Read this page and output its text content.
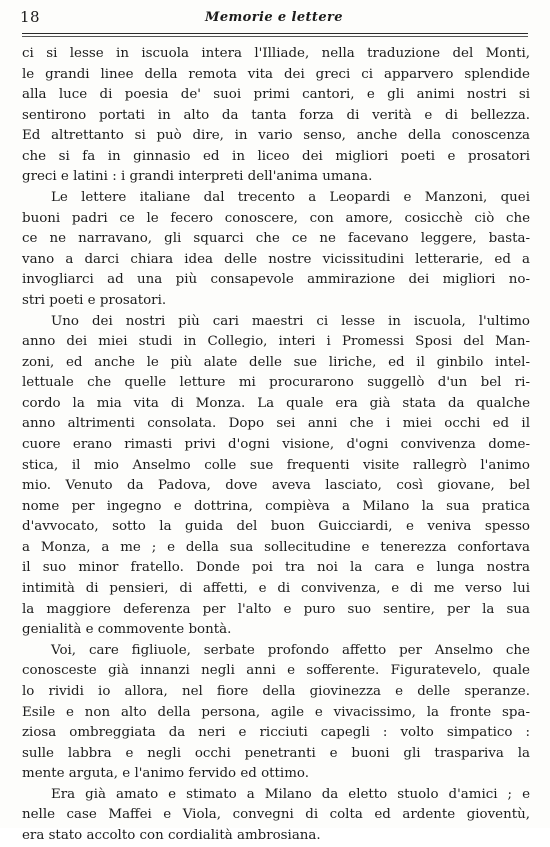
18	Memorie e lettere
ci si lesse in iscuola intera l'Illiade, nella traduzione del Monti,
le grandi linee della remota vita dei greci ci apparvero splendide
alla luce di poesia de' suoi primi cantori, e gli animi nostri si
sentirono portati in alto da tanta forza di verità e di bellezza.
Ed altrettanto si può dire, in vario senso, anche della conoscenza
che si fa in ginnasio ed in liceo dei migliori poeti e prosatori
greci e latini : i grandi interpreti dell'anima umana.
Le lettere italiane dal trecento a Leopardi e Manzoni, quei
buoni padri ce le fecero conoscere, con amore, cosicchè ciò che
ce ne narravano, gli squarci che ce ne facevano leggere, basta-
vano a darci chiara idea delle nostre vicissitudini letterarie, ed a
invogliarci ad una più consapevole ammirazione dei migliori no-
stri poeti e prosatori.
Uno dei nostri più cari maestri ci lesse in iscuola, l'ultimo
anno dei miei studi in Collegio, interi i Promessi Sposi del Man-
zoni, ed anche le più alate delle sue liriche, ed il ginbilo intel-
lettuale che quelle letture mi procurarono suggellò d'un bel ri-
cordo la mia vita di Monza. La quale era già stata da qualche
anno altrimenti consolata. Dopo sei anni che i miei occhi ed il
cuore erano rimasti privi d'ogni visione, d'ogni convivenza dome-
stica, il mio Anselmo colle sue frequenti visite rallegrò l'animo
mio. Venuto da Padova, dove aveva lasciato, così giovane, bel
nome per ingegno e dottrina, compièva a Milano la sua pratica
d'avvocato, sotto la guida del buon Guicciardi, e veniva spesso
a Monza, a me ; e della sua sollecitudine e tenerezza confortava
il suo minor fratello. Donde poi tra noi la cara e lunga nostra
intimità di pensieri, di affetti, e di convivenza, e di me verso lui
la maggiore deferenza per l'alto e puro suo sentire, per la sua
genialità e commovente bontà.
Voi, care figliuole, serbate profondo affetto per Anselmo che
conosceste già innanzi negli anni e sofferente. Figuratevelo, quale
lo rividi io allora, nel fiore della giovinezza e delle speranze.
Esile e non alto della persona, agile e vivacissimo, la fronte spa-
ziosa ombreggiata da neri e ricciuti capegli : volto simpatico :
sulle labbra e negli occhi penetranti e buoni gli traspariva la
mente arguta, e l'animo fervido ed ottimo.
Era già amato e stimato a Milano da eletto stuolo d'amici ; e
nelle case Maffei e Viola, convegni di colta ed ardente gioventù,
era stato accolto con cordialità ambrosiana.
